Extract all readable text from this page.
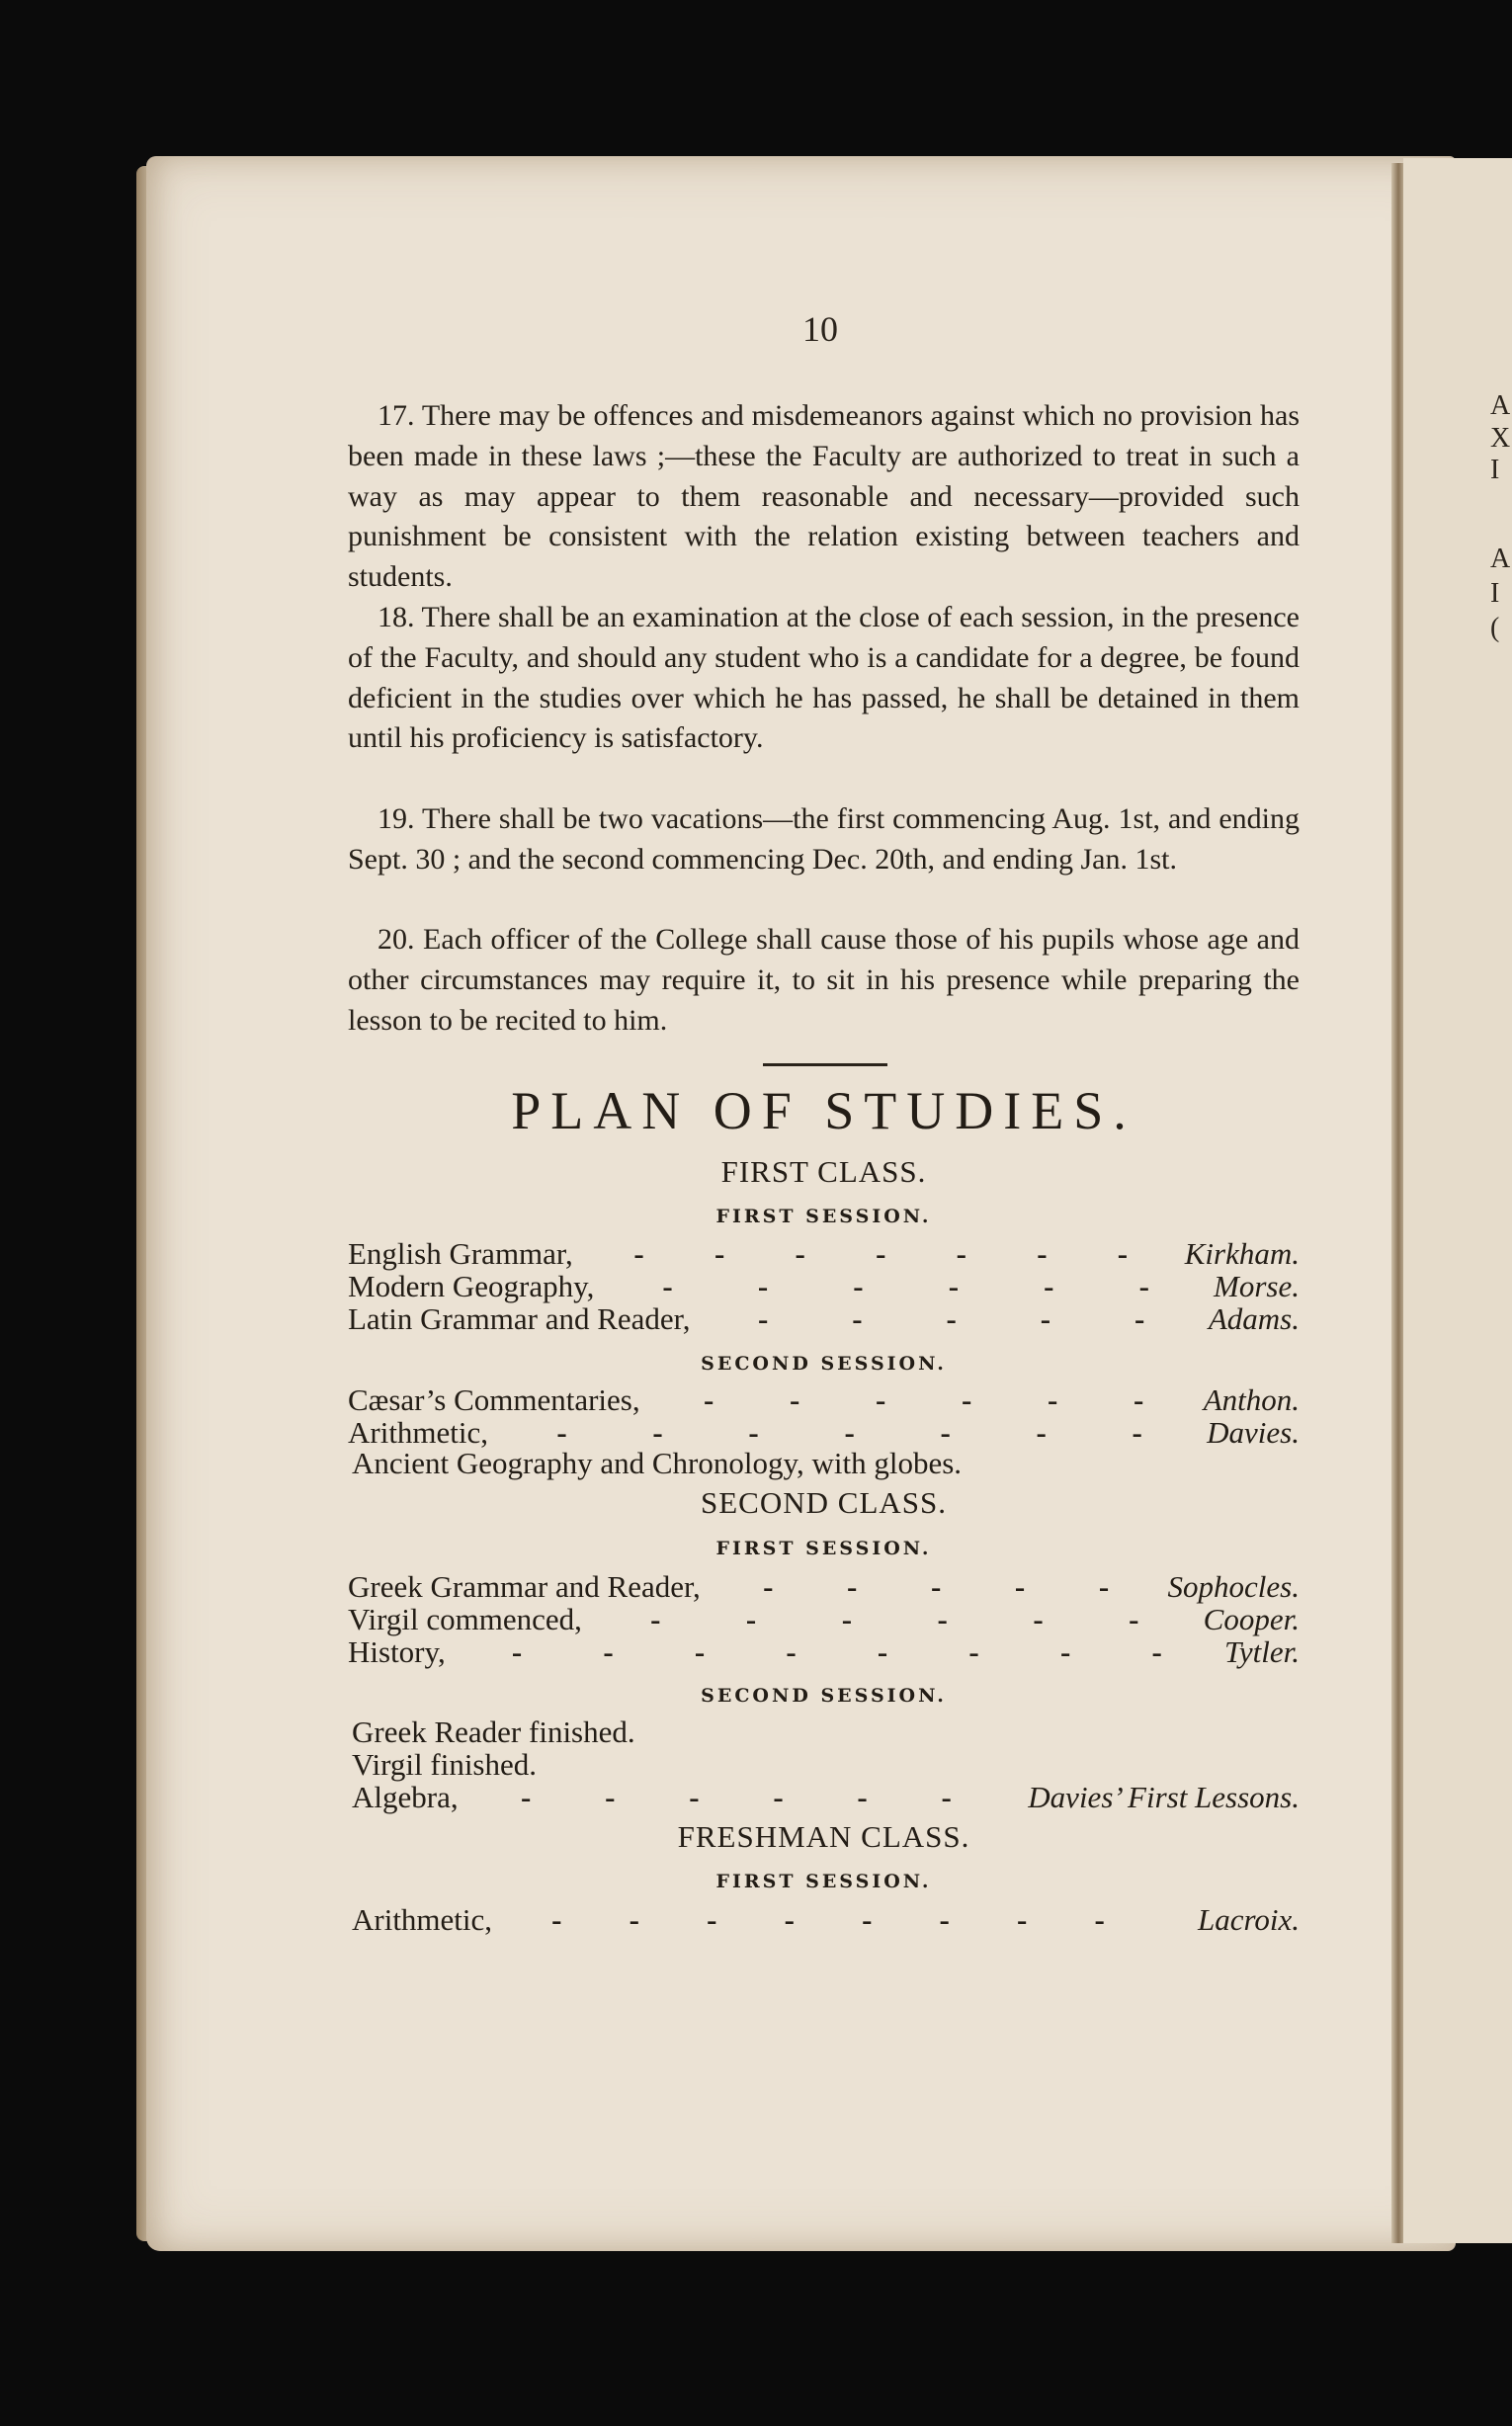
A
X
I
A
I
(
10

17. There may be offences and misdemeanors against which no provision has been made in these laws ;—these the Faculty are authorized to treat in such a way as may appear to them reasonable and necessary—provided such punishment be consistent with the relation existing between teachers and students.

18. There shall be an examination at the close of each session, in the presence of the Faculty, and should any student who is a candidate for a degree, be found deficient in the studies over which he has passed, he shall be detained in them until his proficiency is satisfactory.

19. There shall be two vacations—the first commencing Aug. 1st, and ending Sept. 30 ; and the second commencing Dec. 20th, and ending Jan. 1st.

20. Each officer of the College shall cause those of his pupils whose age and other circumstances may require it, to sit in his presence while preparing the lesson to be recited to him.

PLAN OF STUDIES.
FIRST CLASS.
FIRST SESSION.
English Grammar, - - - - - - - Kirkham.
Modern Geography, -	-	-	-	-	- Morse.
Latin Grammar and Reader, -	-	-	-	- Adams.
SECOND SESSION.
Cæsar’s Commentaries, - - - - - - Anthon.
Arithmetic, -	-	-	-	-	-	- Davies.
Ancient Geography and Chronology, with globes.
SECOND CLASS.
FIRST SESSION.
Greek Grammar and Reader, - - - - - Sophocles.
Virgil commenced, -	-	-	-	-	- Cooper.
History, -	-	-	-	-	-	-	- Tytler.
SECOND SESSION.
Greek Reader finished.
Virgil finished.
Algebra, - - - - - - Davies’ First Lessons.
FRESHMAN CLASS.
FIRST SESSION.
Arithmetic, - - - - - - - -	Lacroix.
